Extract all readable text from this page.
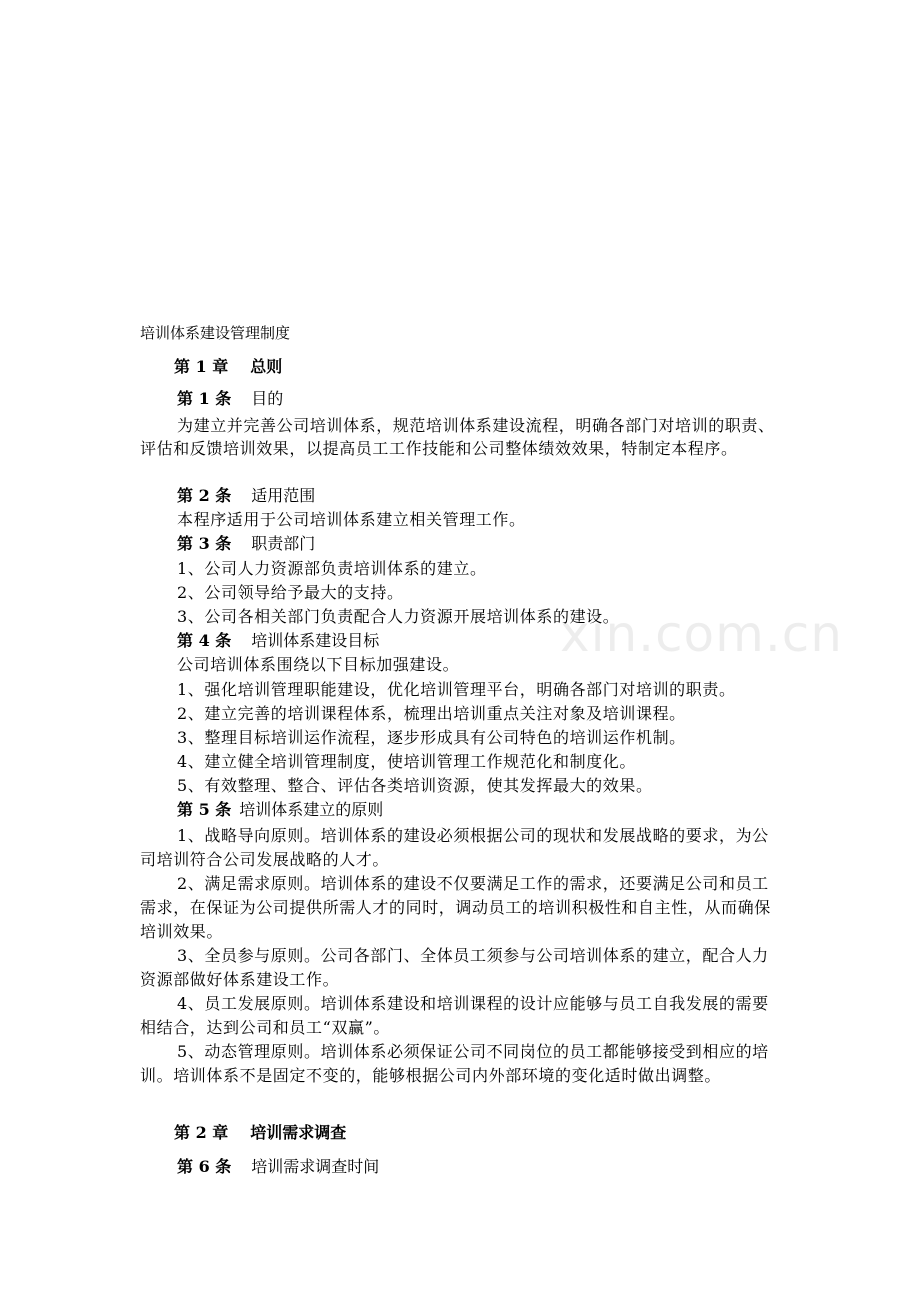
xin.com.cn
培训体系建设管理制度
第 1 章 总则
第 1 条 目的
为建立并完善公司培训体系，规范培训体系建设流程，明确各部门对培训的职责、评估和反馈培训效果，以提高员工工作技能和公司整体绩效效果，特制定本程序。
第 2 条 适用范围
本程序适用于公司培训体系建立相关管理工作。
第 3 条 职责部门
1、公司人力资源部负责培训体系的建立。
2、公司领导给予最大的支持。
3、公司各相关部门负责配合人力资源开展培训体系的建设。
第 4 条 培训体系建设目标
公司培训体系围绕以下目标加强建设。
1、强化培训管理职能建设，优化培训管理平台，明确各部门对培训的职责。
2、建立完善的培训课程体系，梳理出培训重点关注对象及培训课程。
3、整理目标培训运作流程，逐步形成具有公司特色的培训运作机制。
4、建立健全培训管理制度，使培训管理工作规范化和制度化。
5、有效整理、整合、评估各类培训资源，使其发挥最大的效果。
第 5 条 培训体系建立的原则
1、战略导向原则。培训体系的建设必须根据公司的现状和发展战略的要求，为公司培训符合公司发展战略的人才。
2、满足需求原则。培训体系的建设不仅要满足工作的需求，还要满足公司和员工需求，在保证为公司提供所需人才的同时，调动员工的培训积极性和自主性，从而确保培训效果。
3、全员参与原则。公司各部门、全体员工须参与公司培训体系的建立，配合人力资源部做好体系建设工作。
4、员工发展原则。培训体系建设和培训课程的设计应能够与员工自我发展的需要相结合，达到公司和员工“双赢”。
5、动态管理原则。培训体系必须保证公司不同岗位的员工都能够接受到相应的培训。培训体系不是固定不变的，能够根据公司内外部环境的变化适时做出调整。
第 2 章 培训需求调查
第 6 条 培训需求调查时间
